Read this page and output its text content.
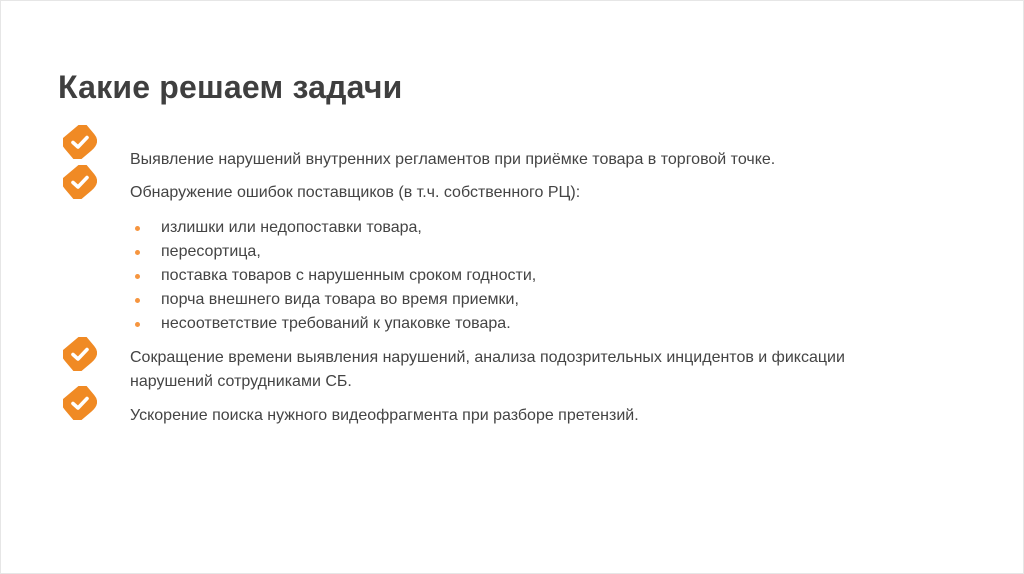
Какие решаем задачи
Выявление нарушений внутренних регламентов при приёмке товара в торговой точке.
Обнаружение ошибок поставщиков (в т.ч. собственного РЦ):
излишки или недопоставки товара,
пересортица,
поставка товаров с нарушенным сроком годности,
порча внешнего вида товара во время приемки,
несоответствие требований к упаковке товара.
Сокращение времени выявления нарушений, анализа подозрительных инцидентов и фиксации нарушений сотрудниками СБ.
Ускорение поиска нужного видеофрагмента при разборе претензий.
